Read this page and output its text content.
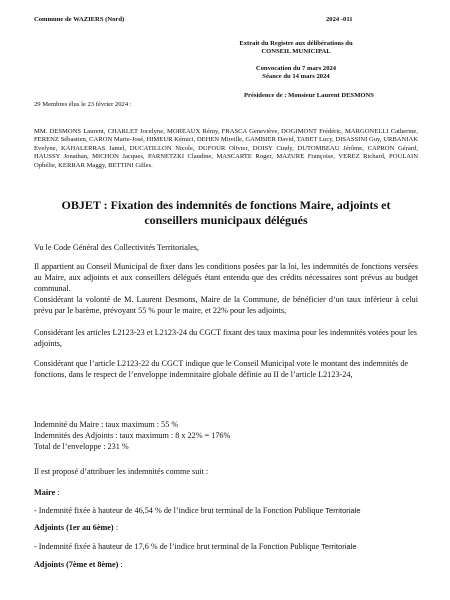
Commune de WAZIERS (Nord)	2024 -011
Extrait du Registre aux délibérations du
CONSEIL MUNICIPAL
Convocation du 7 mars 2024
Séance du 14 mars 2024
Présidence de : Monsieur Laurent DESMONS
29 Membres élus le 23 février 2024 :
MM. DESMONS Laurent, CHARLET Jocelyne, MOREAUX Rémy, FRASCA Geneviève, DOGIMONT Frédéric, MARGONELLI Catherine, FERENZ Sébastien, CARON Marie-José, HIMEUR Kémici, DEHEN Mireille, GAMBIER David, TABET Lucy, DISASSINI Guy, URBANIAK Evelyne, KAHALERRAS Jamel, DUCATILLON Nicole, DUFOUR Olivier, DOISY Cindy, DUTOMBEAU Jérôme, CAPRON Gérard, HAUSSY Jonathan, MICHON Jacques, PARNETZKI Claudine, MASCARTE Roger, MAZURE Françoise, VEREZ Richard, POULAIN Ophélie, KERRAR Maggy, BETTINI Gilles.
OBJET : Fixation des indemnités de fonctions Maire, adjoints et conseillers municipaux délégués
Vu le Code Général des Collectivités Territoriales,
Il appartient au Conseil Municipal de fixer dans les conditions posées par la loi, les indemnités de fonctions versées au Maire, aux adjoints et aux conseillers délégués étant entendu que des crédits nécessaires sont prévus au budget communal.
Considérant la volonté de M. Laurent Desmons, Maire de la Commune, de bénéficier d’un taux inférieur à celui prévu par le barème, prévoyant 55 % pour le maire, et 22% pour les adjoints,
Considérant les articles L2123-23 et L2123-24 du CGCT fixant des taux maxima pour les indemnités votées pour les adjoints,
Considérant que l’article L2123-22 du CGCT indique que le Conseil Municipal vote le montant des indemnités de fonctions, dans le respect de l’enveloppe indemnitaire globale définie au II de l’article L2123-24,
Indemnité du Maire : taux maximum : 55 %
Indemnités des Adjoints : taux maximum : 8 x 22% = 176%
Total de l’enveloppe : 231 %
Il est proposé d’attribuer les indemnités comme suit :
Maire :
- Indemnité fixée à hauteur de 46,54 % de l’indice brut terminal de la Fonction Publique Territoriale
Adjoints (1er au 6ème) :
- Indemnité fixée à hauteur de 17,6 % de l’indice brut terminal de la Fonction Publique Territoriale
Adjoints (7ème et 8ème) :
